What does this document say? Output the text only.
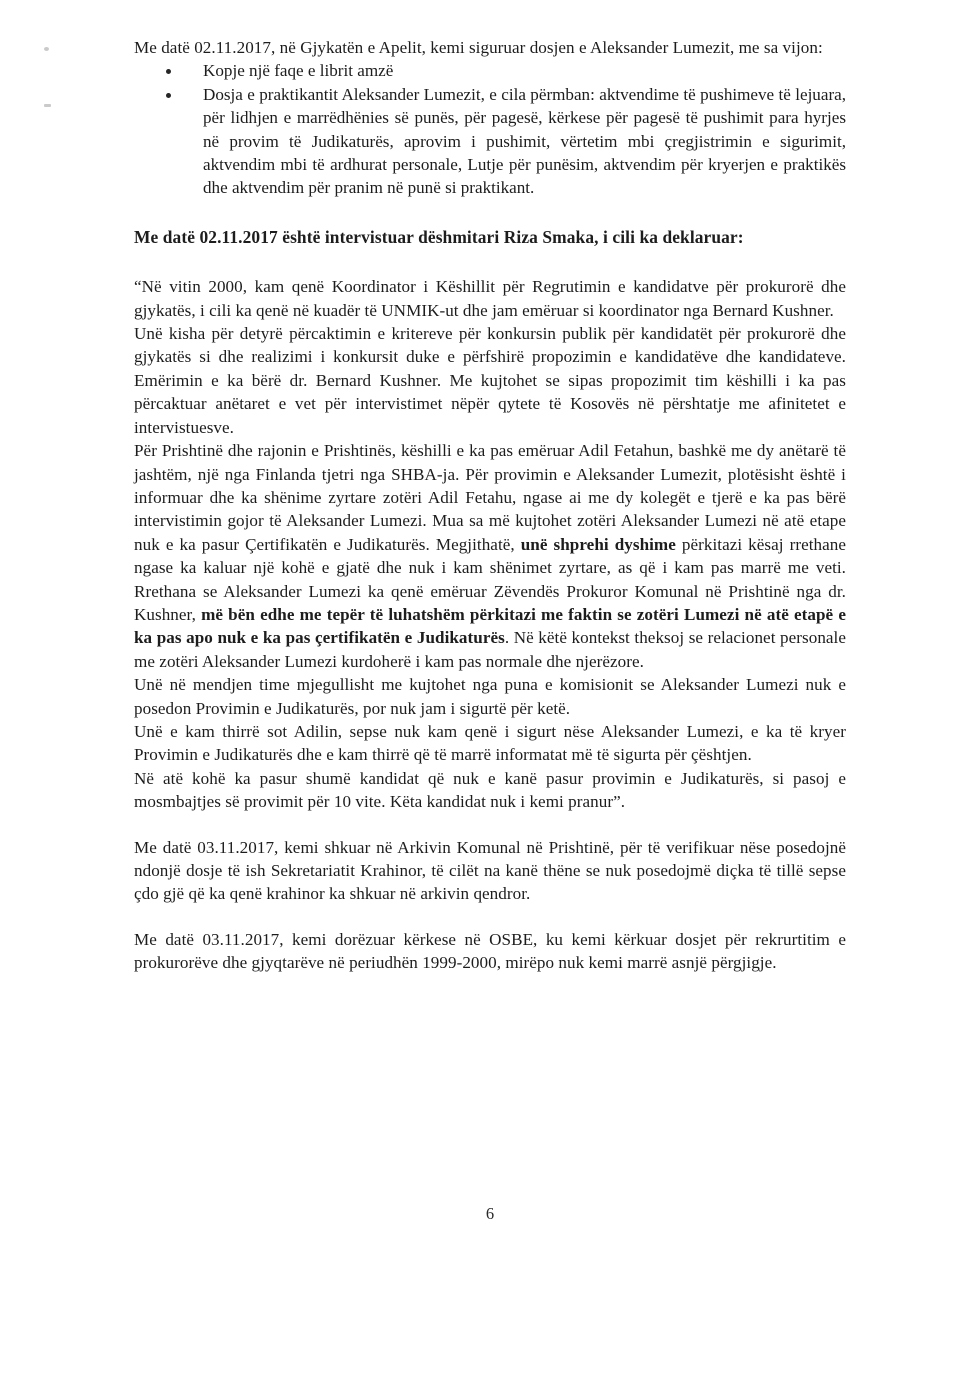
Me datë 02.11.2017, në Gjykatën e Apelit, kemi siguruar dosjen e Aleksander Lumezit, me sa vijon:

Kopje një faqe e librit amzë
Dosja e praktikantit Aleksander Lumezit, e cila përmban: aktvendime të pushimeve të lejuara, për lidhjen e marrëdhënies së punës, për pagesë, kërkese për pagesë të pushimit para hyrjes në provim të Judikaturës, aprovim i pushimit, vërtetim mbi çregjistrimin e sigurimit, aktvendim mbi të ardhurat personale, Lutje për punësim, aktvendim për kryerjen e praktikës dhe aktvendim për pranim në punë si praktikant.

Me datë 02.11.2017 është intervistuar dëshmitari Riza Smaka, i cili ka deklaruar:

“Në vitin 2000, kam qenë Koordinator i Këshillit për Regrutimin e kandidatve për prokurorë dhe gjykatës, i cili ka qenë në kuadër të UNMIK-ut dhe jam emëruar si koordinator nga Bernard Kushner.

Unë kisha për detyrë përcaktimin e kritereve për konkursin publik për kandidatët për prokurorë dhe gjykatës si dhe realizimi i konkursit duke e përfshirë propozimin e kandidatëve dhe kandidateve. Emërimin e ka bërë dr. Bernard Kushner. Me kujtohet se sipas propozimit tim këshilli i ka pas përcaktuar anëtaret e vet për intervistimet nëpër qytete të Kosovës në përshtatje me afinitetet e intervistuesve.

Për Prishtinë dhe rajonin e Prishtinës, këshilli e ka pas emëruar Adil Fetahun, bashkë me dy anëtarë të jashtëm, një nga Finlanda tjetri nga SHBA-ja. Për provimin e Aleksander Lumezit, plotësisht është i informuar dhe ka shënime zyrtare zotëri Adil Fetahu, ngase ai me dy kolegët e tjerë e ka pas bërë intervistimin gojor të Aleksander Lumezi. Mua sa më kujtohet zotëri Aleksander Lumezi në atë etape nuk e ka pasur Çertifikatën e Judikaturës. Megjithatë, unë shprehi dyshime përkitazi kësaj rrethane ngase ka kaluar një kohë e gjatë dhe nuk i kam shënimet zyrtare, as që i kam pas marrë me veti. Rrethana se Aleksander Lumezi ka qenë emëruar Zëvendës Prokuror Komunal në Prishtinë nga dr. Kushner, më bën edhe me tepër të luhatshëm përkitazi me faktin se zotëri Lumezi në atë etapë e ka pas apo nuk e ka pas çertifikatën e Judikaturës. Në këtë kontekst theksoj se relacionet personale me zotëri Aleksander Lumezi kurdoherë i kam pas normale dhe njerëzore.

Unë në mendjen time mjegullisht me kujtohet nga puna e komisionit se Aleksander Lumezi nuk e posedon Provimin e Judikaturës, por nuk jam i sigurtë për ketë.

Unë e kam thirrë sot Adilin, sepse nuk kam qenë i sigurt nëse Aleksander Lumezi, e ka të kryer Provimin e Judikaturës dhe e kam thirrë që të marrë informatat më të sigurta për çështjen.

Në atë kohë ka pasur shumë kandidat që nuk e kanë pasur provimin e Judikaturës, si pasoj e mosmbajtjes së provimit për 10 vite. Këta kandidat nuk i kemi pranur”.

Me datë 03.11.2017, kemi shkuar në Arkivin Komunal në Prishtinë, për të verifikuar nëse posedojnë ndonjë dosje të ish Sekretariatit Krahinor, të cilët na kanë thëne se nuk posedojmë diçka të tillë sepse çdo gjë që ka qenë krahinor ka shkuar në arkivin qendror.

Me datë 03.11.2017, kemi dorëzuar kërkese në OSBE, ku kemi kërkuar dosjet për rekrurtitim e prokurorëve dhe gjyqtarëve në periudhën 1999-2000, mirëpo nuk kemi marrë asnjë përgjigje.

6
